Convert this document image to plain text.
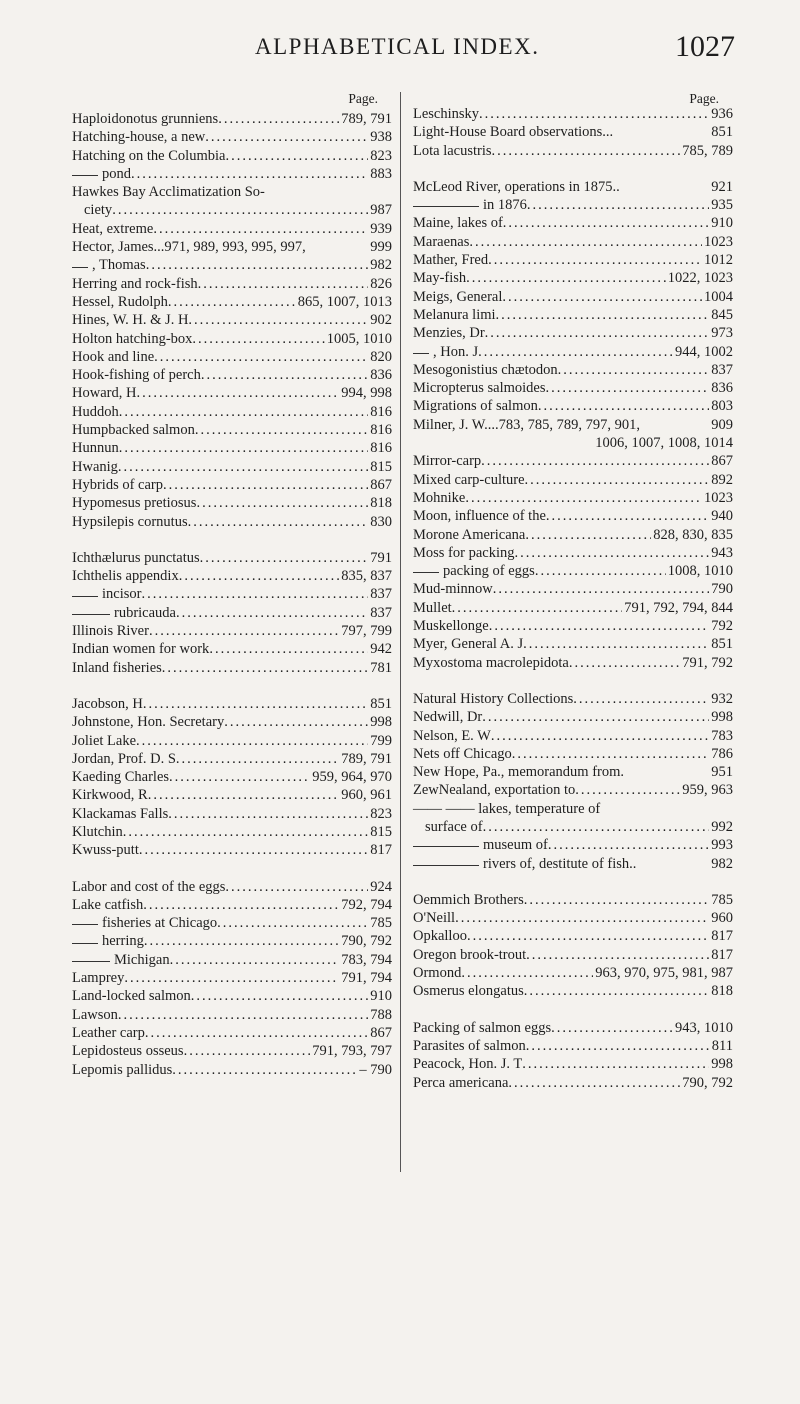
ALPHABETICAL INDEX.	1027
Page.
Haploidonotus grunniens .....	789, 791
Hatching-house, a new .....	938
Hatching on the Columbia .....	823
pond .....	883
Hawkes Bay Acclimatization So-
ciety .....	987
Heat, extreme .....	939
Hector, James...971, 989, 993, 995, 997,	999
, Thomas .....	982
Herring and rock-fish .....	826
Hessel, Rudolph .....	865, 1007, 1013
Hines, W. H. & J. H .....	902
Holton hatching-box .....	1005, 1010
Hook and line .....	820
Hook-fishing of perch .....	836
Howard, H .....	994, 998
Huddoh .....	816
Humpbacked salmon .....	816
Hunnun .....	816
Hwanig .....	815
Hybrids of carp .....	867
Hypomesus pretiosus .....	818
Hypsilepis cornutus .....	830
Ichthælurus punctatus .....	791
Ichthelis appendix .....	835, 837
incisor .....	837
rubricauda .....	837
Illinois River .....	797, 799
Indian women for work .....	942
Inland fisheries .....	781
Jacobson, H .....	851
Johnstone, Hon. Secretary .....	998
Joliet Lake .....	799
Jordan, Prof. D. S .....	789, 791
Kaeding Charles .....	959, 964, 970
Kirkwood, R .....	960, 961
Klackamas Falls .....	823
Klutchin .....	815
Kwuss-putt .....	817
Labor and cost of the eggs .....	924
Lake catfish .....	792, 794
fisheries at Chicago .....	785
herring .....	790, 792
Michigan .....	783, 794
Lamprey .....	791, 794
Land-locked salmon .....	910
Lawson .....	788
Leather carp .....	867
Lepidosteus osseus .....	791, 793, 797
Lepomis pallidus .....	– 790
Page.
Leschinsky .....	936
Light-House Board observations...	851
Lota lacustris .....	785, 789
McLeod River, operations in 1875..	921
in 1876 .....	935
Maine, lakes of .....	910
Maraenas .....	1023
Mather, Fred .....	1012
May-fish .....	1022, 1023
Meigs, General .....	1004
Melanura limi .....	845
Menzies, Dr .....	973
, Hon. J .....	944, 1002
Mesogonistius chætodon .....	837
Micropterus salmoides .....	836
Migrations of salmon .....	803
Milner, J. W....783, 785, 789, 797, 901,	909
1006, 1007, 1008, 1014
Mirror-carp .....	867
Mixed carp-culture .....	892
Mohnike .....	1023
Moon, influence of the .....	940
Morone Americana .....	828, 830, 835
Moss for packing .....	943
packing of eggs .....	1008, 1010
Mud-minnow .....	790
Mullet .....	791, 792, 794, 844
Muskellonge .....	792
Myer, General A. J .....	851
Myxostoma macrolepidota .....	791, 792
Natural History Collections .....	932
Nedwill, Dr .....	998
Nelson, E. W .....	783
Nets off Chicago .....	786
New Hope, Pa., memorandum from.	951
ZewNealand, exportation to .....	959, 963
—— —— lakes, temperature of
surface of .....	992
museum of .....	993
rivers of, destitute of fish..	982
Oemmich Brothers .....	785
O'Neill .....	960
Opkalloo .....	817
Oregon brook-trout .....	817
Ormond .....	963, 970, 975, 981, 987
Osmerus elongatus .....	818
Packing of salmon eggs .....	943, 1010
Parasites of salmon .....	811
Peacock, Hon. J. T .....	998
Perca americana .....	790, 792
